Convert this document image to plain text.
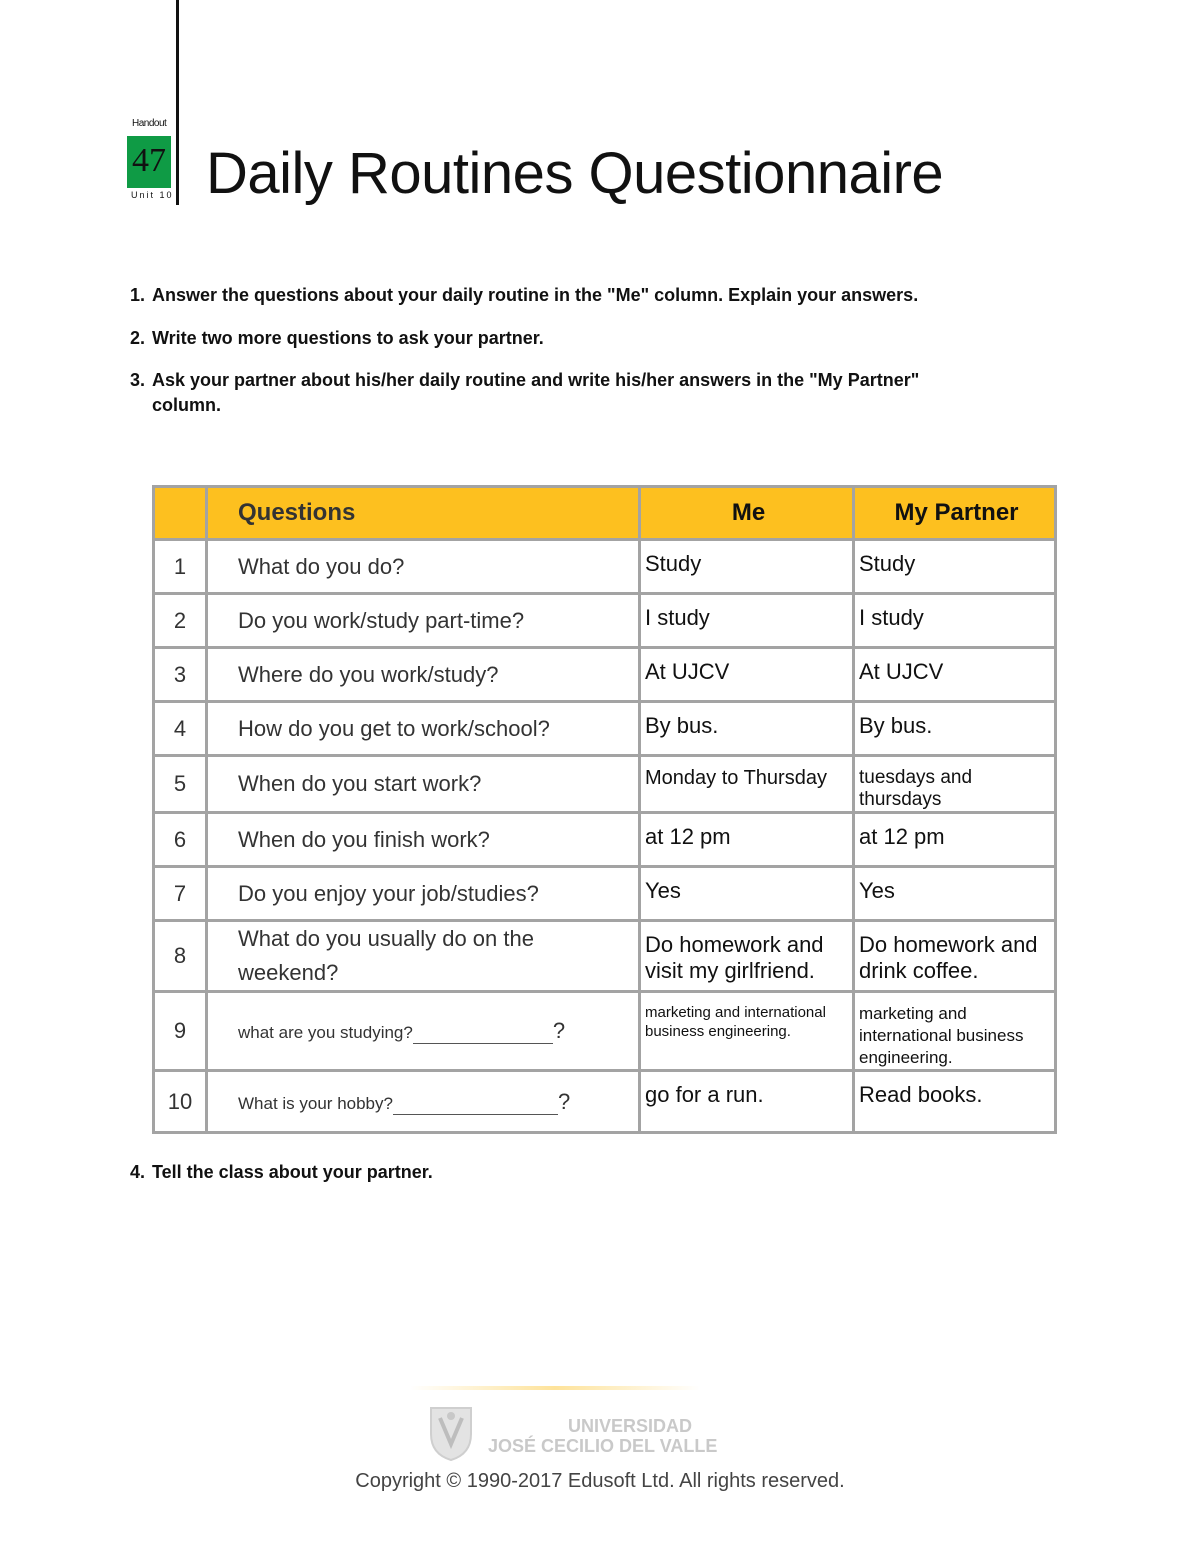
Handout
47
Unit 10 Daily Routines Questionnaire
1. Answer the questions about your daily routine in the "Me" column. Explain your answers.
2. Write two more questions to ask your partner.
3. Ask your partner about his/her daily routine and write his/her answers in the "My Partner"
column.
	Questions	Me	My Partner
1	What do you do?	Study	Study
2	Do you work/study part-time?	I study	I study
3	Where do you work/study?	At UJCV	At UJCV
4	How do you get to work/school?	By bus.	By bus.
5	When do you start work?	Monday to Thursday	tuesdays and thursdays
6	When do you finish work?	at 12 pm	at 12 pm
7	Do you enjoy your job/studies?	Yes	Yes
8	What do you usually do on the weekend?	Do homework and visit my girlfriend.	Do homework and drink coffee.
9	what are you studying? ?	marketing and international business engineering.	marketing and international business engineering.
10	What is your hobby? ?	go for a run.	Read books.
4. Tell the class about your partner.
UNIVERSIDAD
JOSÉ CECILIO DEL VALLE
Copyright © 1990-2017 Edusoft Ltd. All rights reserved.
